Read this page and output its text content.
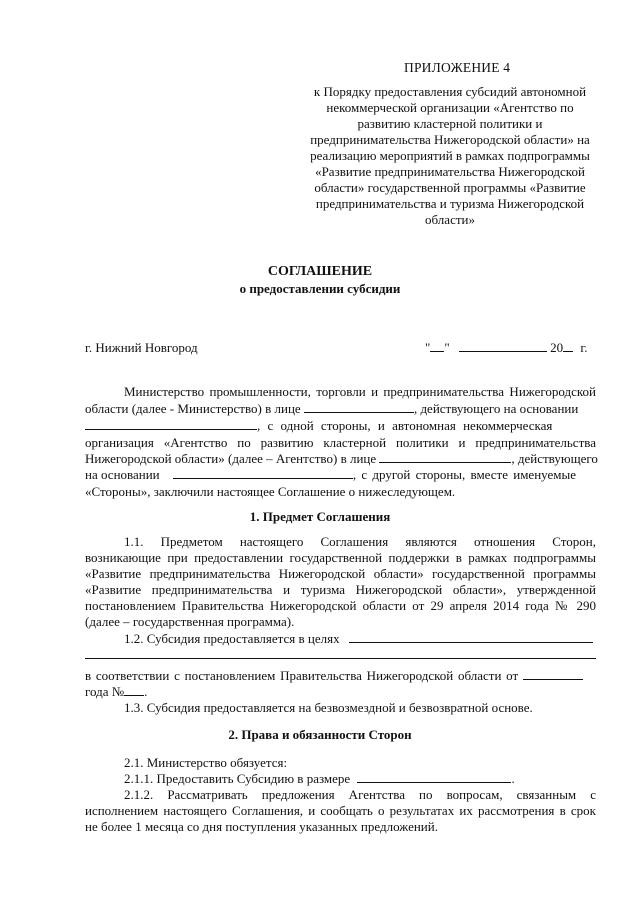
ПРИЛОЖЕНИЕ 4
к Порядку предоставления субсидий автономной
некоммерческой организации «Агентство по
развитию кластерной политики и
предпринимательства Нижегородской области» на
реализацию мероприятий в рамках подпрограммы
«Развитие предпринимательства Нижегородской
области» государственной программы «Развитие
предпринимательства и туризма Нижегородской
области»
СОГЛАШЕНИЕ
о предоставлении субсидии
г. Нижний Новгород	" "	20 г.
Министерство промышленности, торговли и предпринимательства Нижегородской
области (далее - Министерство) в лице	, действующего на основании
, с одной стороны, и автономная некоммерческая
организация «Агентство по развитию кластерной политики и предпринимательства
Нижегородской области» (далее – Агентство) в лице	, действующего
на основании	, с другой стороны, вместе именуемые
«Стороны», заключили настоящее Соглашение о нижеследующем.
1. Предмет Соглашения
1.1. Предметом настоящего Соглашения являются отношения Сторон,
возникающие при предоставлении государственной поддержки в рамках подпрограммы
«Развитие предпринимательства Нижегородской области» государственной программы
«Развитие предпринимательства и туризма Нижегородской области», утвержденной
постановлением Правительства Нижегородской области от 29 апреля 2014 года № 290
(далее – государственная программа).
1.2. Субсидия предоставляется в целях
в соответствии с постановлением Правительства Нижегородской области от
года № .
1.3. Субсидия предоставляется на безвозмездной и безвозвратной основе.
2. Права и обязанности Сторон
2.1. Министерство обязуется:
2.1.1. Предоставить Субсидию в размере	.
2.1.2. Рассматривать предложения Агентства по вопросам, связанным с
исполнением настоящего Соглашения, и сообщать о результатах их рассмотрения в срок
не более 1 месяца со дня поступления указанных предложений.
